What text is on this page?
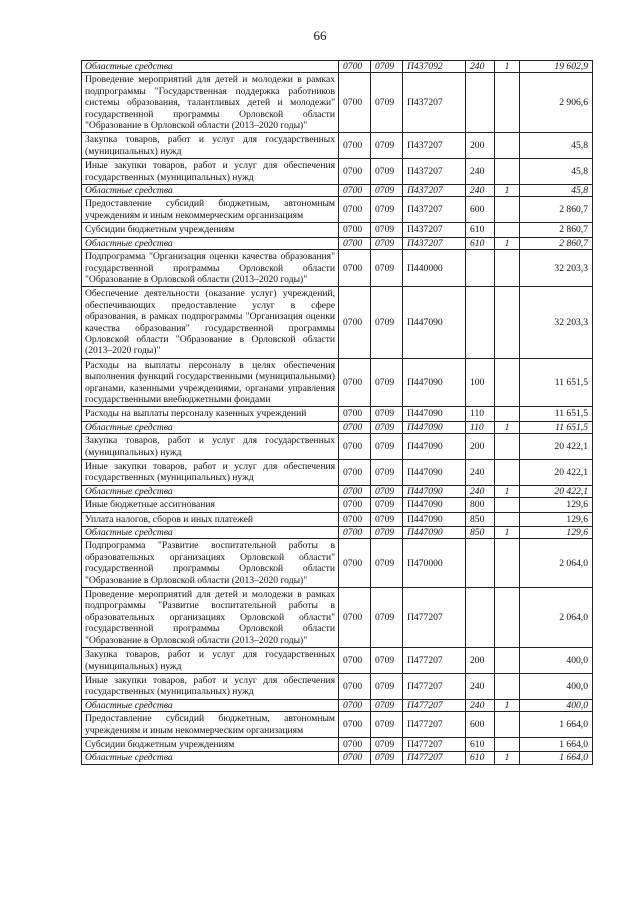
66
Областные средства	0700	0709	П437092	240	1	19 602,9
Проведение мероприятий для детей и молодежи в рамках подпрограммы "Государственная поддержка работников системы образования, талантливых детей и молодежи" государственной программы Орловской области "Образование в Орловской области (2013–2020 годы)"	0700	0709	П437207			2 906,6
Закупка товаров, работ и услуг для государственных (муниципальных) нужд	0700	0709	П437207	200		45,8
Иные закупки товаров, работ и услуг для обеспечения государственных (муниципальных) нужд	0700	0709	П437207	240		45,8
Областные средства	0700	0709	П437207	240	1	45,8
Предоставление субсидий бюджетным, автономным учреждениям и иным некоммерческим организациям	0700	0709	П437207	600		2 860,7
Субсидии бюджетным учреждениям	0700	0709	П437207	610		2 860,7
Областные средства	0700	0709	П437207	610	1	2 860,7
Подпрограмма "Организация оценки качества образования" государственной программы Орловской области "Образование в Орловской области (2013–2020 годы)"	0700	0709	П440000			32 203,3
Обеспечение деятельности (оказание услуг) учреждений, обеспечивающих предоставление услуг в сфере образования, в рамках подпрограммы "Организация оценки качества образования" государственной программы Орловской области "Образование в Орловской области (2013–2020 годы)"	0700	0709	П447090			32 203,3
Расходы на выплаты персоналу в целях обеспечения выполнения функций государственными (муниципальными) органами, казенными учреждениями, органами управления государственными внебюджетными фондами	0700	0709	П447090	100		11 651,5
Расходы на выплаты персоналу казенных учреждений	0700	0709	П447090	110		11 651,5
Областные средства	0700	0709	П447090	110	1	11 651,5
Закупка товаров, работ и услуг для государственных (муниципальных) нужд	0700	0709	П447090	200		20 422,1
Иные закупки товаров, работ и услуг для обеспечения государственных (муниципальных) нужд	0700	0709	П447090	240		20 422,1
Областные средства	0700	0709	П447090	240	1	20 422,1
Иные бюджетные ассигнования	0700	0709	П447090	800		129,6
Уплата налогов, сборов и иных платежей	0700	0709	П447090	850		129,6
Областные средства	0700	0709	П447090	850	1	129,6
Подпрограмма "Развитие воспитательной работы в образовательных организациях Орловской области" государственной программы Орловской области "Образование в Орловской области (2013–2020 годы)"	0700	0709	П470000			2 064,0
Проведение мероприятий для детей и молодежи в рамках подпрограммы "Развитие воспитательной работы в образовательных организациях Орловской области" государственной программы Орловской области "Образование в Орловской области (2013–2020 годы)"	0700	0709	П477207			2 064,0
Закупка товаров, работ и услуг для государственных (муниципальных) нужд	0700	0709	П477207	200		400,0
Иные закупки товаров, работ и услуг для обеспечения государственных (муниципальных) нужд	0700	0709	П477207	240		400,0
Областные средства	0700	0709	П477207	240	1	400,0
Предоставление субсидий бюджетным, автономным учреждениям и иным некоммерческим организациям	0700	0709	П477207	600		1 664,0
Субсидии бюджетным учреждениям	0700	0709	П477207	610		1 664,0
Областные средства	0700	0709	П477207	610	1	1 664,0
